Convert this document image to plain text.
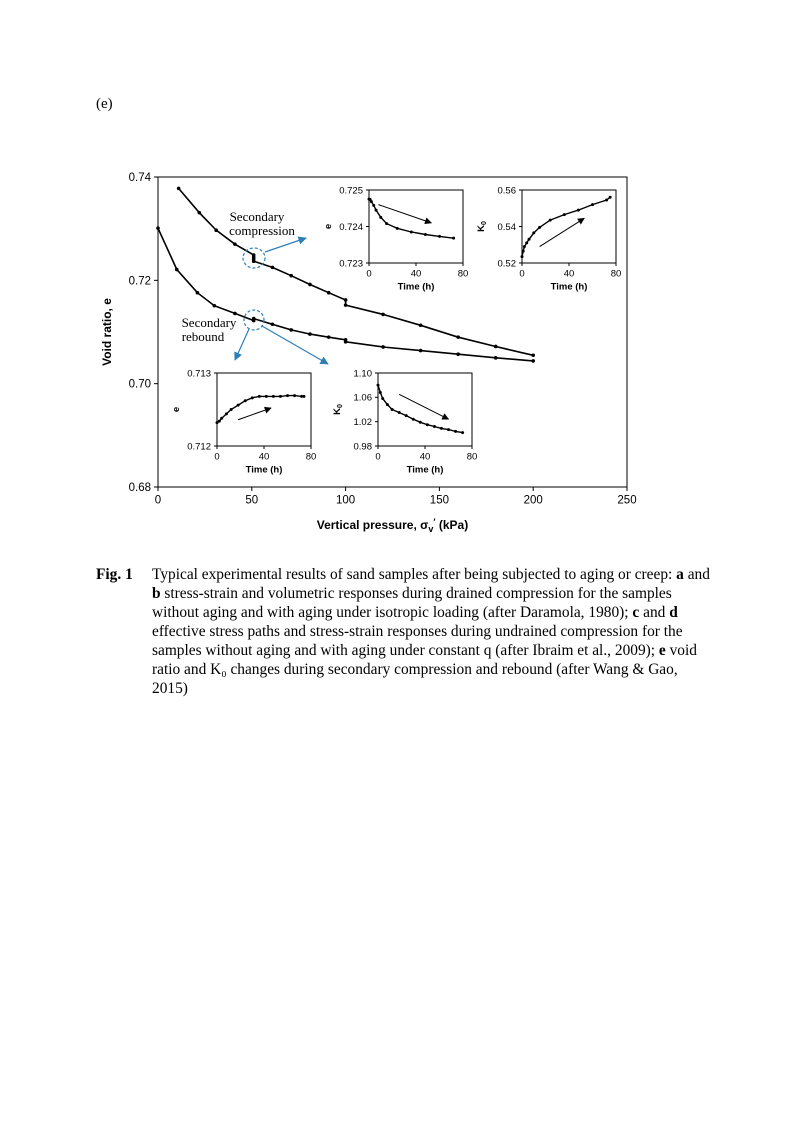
(e)
0	50	100	150	200	250
0.68
0.70
0.72
0.74
Vertical pressure, $\sigma_v'$ (kPa)
Void ratio, e
0	40	80
0.723
0.724
0.725
Time (h)
e
0	40	80
0.52
0.54
0.56
Time (h)
$K_0$
0	40	80
0.712
0.713
Time (h)
e
0	40	80
0.98
1.02
1.06
1.10
Time (h)
$K_0$
Secondary
compression
Secondary
rebound
Fig. 1 Typical experimental results of sand samples after being subjected to aging or creep: a and b stress-strain and volumetric responses during drained compression for the samples without aging and with aging under isotropic loading (after Daramola, 1980); c and d effective stress paths and stress-strain responses during undrained compression for the samples without aging and with aging under constant q (after Ibraim et al., 2009); e void ratio and K₀ changes during secondary compression and rebound (after Wang & Gao, 2015)
